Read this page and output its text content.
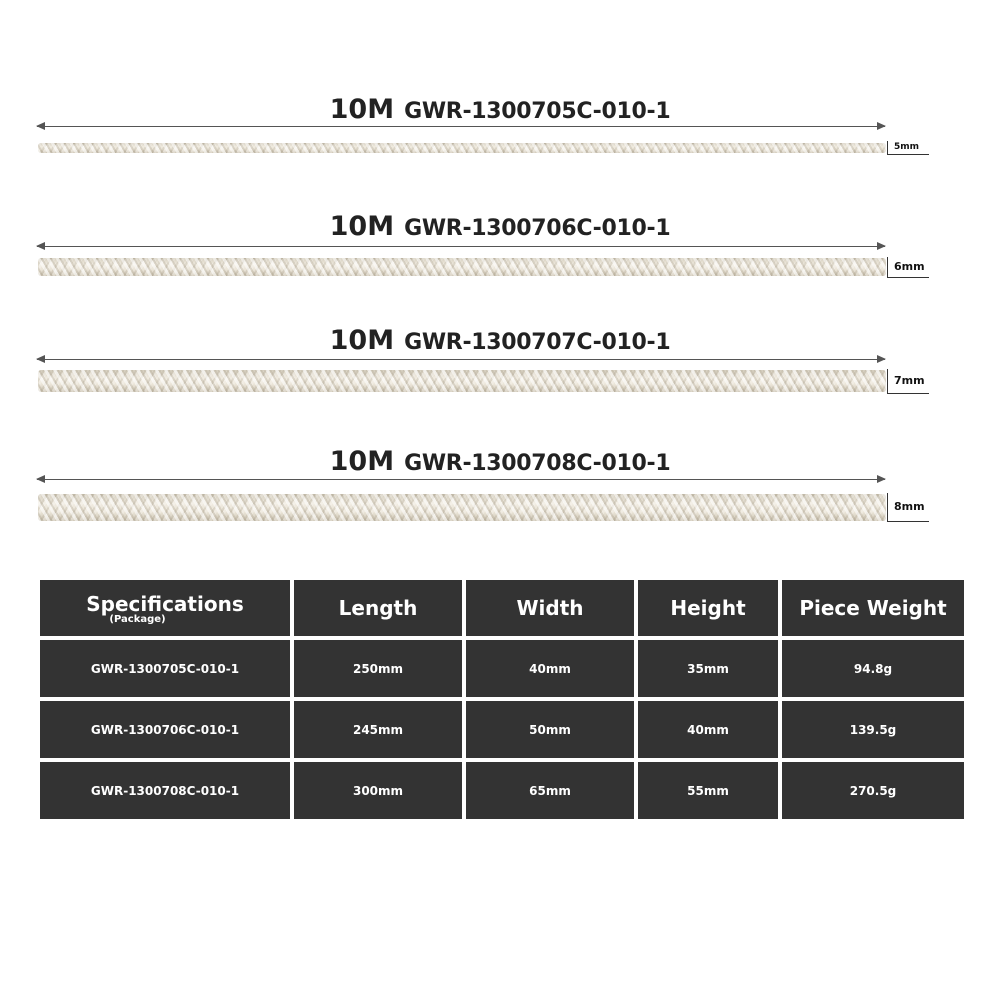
10M GWR-1300705C-010-1
5mm
10M GWR-1300706C-010-1
6mm
10M GWR-1300707C-010-1
7mm
10M GWR-1300708C-010-1
8mm
Specifications
(Package)	Length	Width	Height	Piece Weight
GWR-1300705C-010-1	250mm	40mm	35mm	94.8g
GWR-1300706C-010-1	245mm	50mm	40mm	139.5g
GWR-1300708C-010-1	300mm	65mm	55mm	270.5g
